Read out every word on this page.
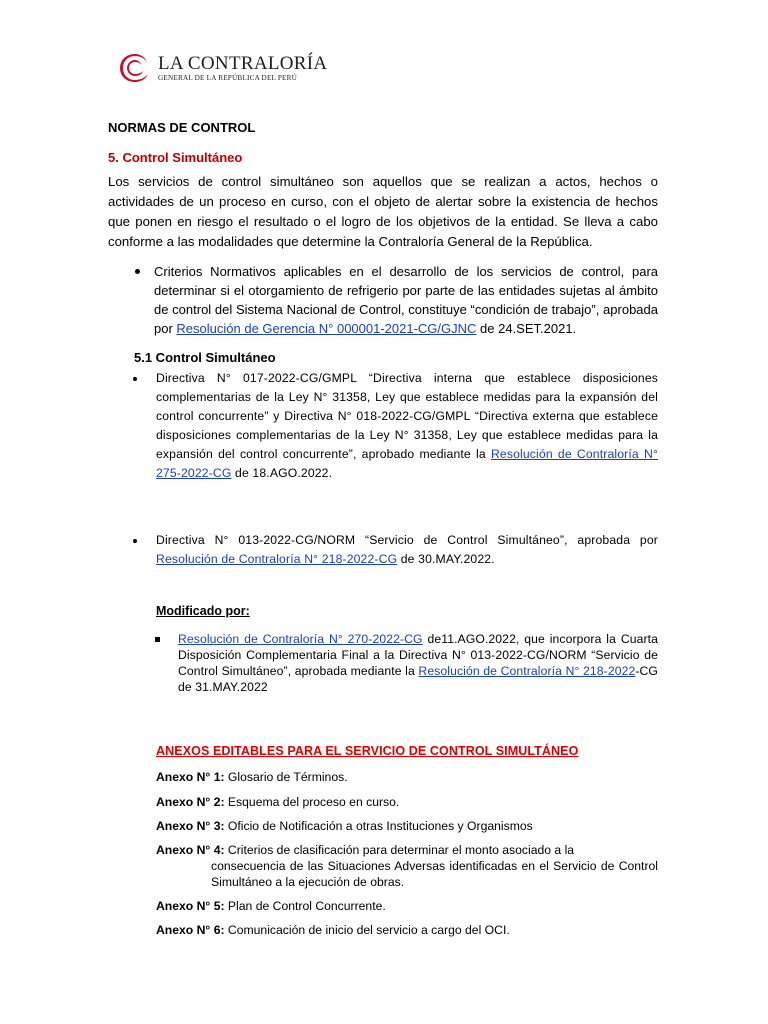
LA CONTRALORÍA
GENERAL DE LA REPÚBLICA DEL PERÚ
NORMAS DE CONTROL
5. Control Simultáneo
Los servicios de control simultáneo son aquellos que se realizan a actos, hechos o actividades de un proceso en curso, con el objeto de alertar sobre la existencia de hechos que ponen en riesgo el resultado o el logro de los objetivos de la entidad. Se lleva a cabo conforme a las modalidades que determine la Contraloría General de la República.
Criterios Normativos aplicables en el desarrollo de los servicios de control, para determinar si el otorgamiento de refrigerio por parte de las entidades sujetas al ámbito de control del Sistema Nacional de Control, constituye “condición de trabajo”, aprobada por Resolución de Gerencia N° 000001-2021-CG/GJNC de 24.SET.2021.
5.1 Control Simultáneo
Directiva N° 017-2022-CG/GMPL “Directiva interna que establece disposiciones complementarias de la Ley N° 31358, Ley que establece medidas para la expansión del control concurrente” y Directiva N° 018-2022-CG/GMPL “Directiva externa que establece disposiciones complementarias de la Ley N° 31358, Ley que establece medidas para la expansión del control concurrente”, aprobado mediante la Resolución de Contraloría N° 275-2022-CG de 18.AGO.2022.
Directiva N° 013-2022-CG/NORM “Servicio de Control Simultáneo”, aprobada por Resolución de Contraloría N° 218-2022-CG de 30.MAY.2022.
Modificado por:
Resolución de Contraloría N° 270-2022-CG de11.AGO.2022, que incorpora la Cuarta Disposición Complementaria Final a la Directiva N° 013-2022-CG/NORM “Servicio de Control Simultáneo”, aprobada mediante la Resolución de Contraloría N° 218-2022-CG de 31.MAY.2022
ANEXOS EDITABLES PARA EL SERVICIO DE CONTROL SIMULTÁNEO
Anexo N° 1: Glosario de Términos.
Anexo N° 2: Esquema del proceso en curso.
Anexo N° 3: Oficio de Notificación a otras Instituciones y Organismos
Anexo N° 4: Criterios de clasificación para determinar el monto asociado a la
consecuencia de las Situaciones Adversas identificadas en el Servicio de Control Simultáneo a la ejecución de obras.
Anexo N° 5: Plan de Control Concurrente.
Anexo N° 6: Comunicación de inicio del servicio a cargo del OCI.
